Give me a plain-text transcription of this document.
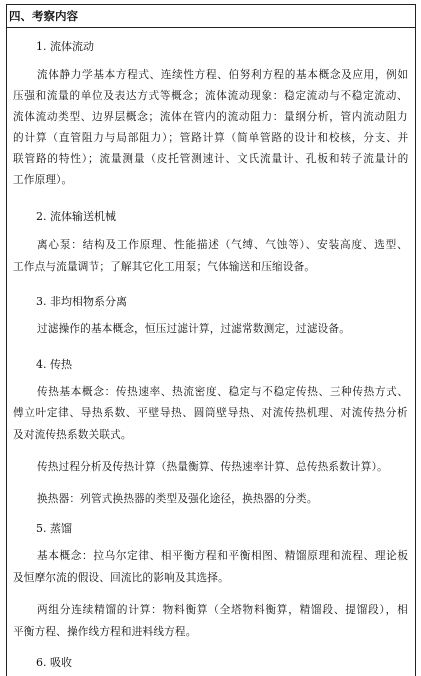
四、考察内容
1. 流体流动
流体静力学基本方程式、连续性方程、伯努利方程的基本概念及应用，例如
压强和流量的单位及表达方式等概念；流体流动现象：稳定流动与不稳定流动、
流体流动类型、边界层概念；流体在管内的流动阻力：量纲分析，管内流动阻力
的计算（直管阻力与局部阻力）；管路计算（简单管路的设计和校核，分支、并
联管路的特性）；流量测量（皮托管测速计、文氏流量计、孔板和转子流量计的
工作原理）。
2. 流体输送机械
离心泵：结构及工作原理、性能描述（气缚、气蚀等）、安装高度、选型、
工作点与流量调节；了解其它化工用泵；气体输送和压缩设备。
3. 非均相物系分离
过滤操作的基本概念，恒压过滤计算，过滤常数测定，过滤设备。
4. 传热
传热基本概念：传热速率、热流密度、稳定与不稳定传热、三种传热方式、
傅立叶定律、导热系数、平壁导热、圆筒壁导热、对流传热机理、对流传热分析
及对流传热系数关联式。
传热过程分析及传热计算（热量衡算、传热速率计算、总传热系数计算）。
换热器：列管式换热器的类型及强化途径，换热器的分类。
5. 蒸馏
基本概念：拉乌尔定律、相平衡方程和平衡相图、精馏原理和流程、理论板
及恒摩尔流的假设、回流比的影响及其选择。
两组分连续精馏的计算：物料衡算（全塔物料衡算，精馏段、提馏段），相
平衡方程、操作线方程和进料线方程。
6. 吸收
